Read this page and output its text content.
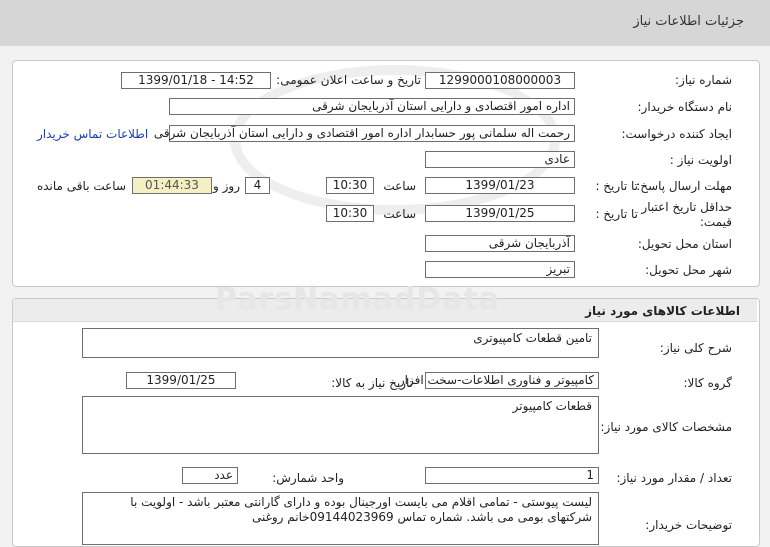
جزئیات اطلاعات نیاز
شماره نیاز:
1299000108000003
تاریخ و ساعت اعلان عمومی:
1399/01/18 - 14:52
نام دستگاه خریدار:
اداره امور اقتصادی و دارایی استان آذربایجان شرقی
ایجاد کننده درخواست:
رحمت اله سلمانی پور حسابدار اداره امور اقتصادی و دارایی استان آذربایجان شرقی
اطلاعات تماس خریدار
اولویت نیاز :
عادی
مهلت ارسال پاسخ:
تا تاریخ :
1399/01/23
ساعت
10:30
4
روز و
01:44:33
ساعت باقی مانده
حداقل تاریخ اعتبار
قیمت:
تا تاریخ :
1399/01/25
ساعت
10:30
استان محل تحویل:
آذربایجان شرقی
شهر محل تحویل:
تبریز
اطلاعات کالاهای مورد نیاز
ParsNamadData
شرح کلی نیاز:
تامین قطعات کامپیوتری
گروه کالا:
کامپیوتر و فناوری اطلاعات-سخت افزار
تاریخ نیاز به کالا:
1399/01/25
مشخصات کالای مورد نیاز:
قطعات کامپیوتر
تعداد / مقدار مورد نیاز:
1
واحد شمارش:
عدد
توضیحات خریدار:
لیست پیوستی - تمامی اقلام می بایست اورجینال بوده و دارای گارانتی معتبر باشد - اولویت با شرکتهای بومی می باشد. شماره تماس 09144023969خانم روغنی
